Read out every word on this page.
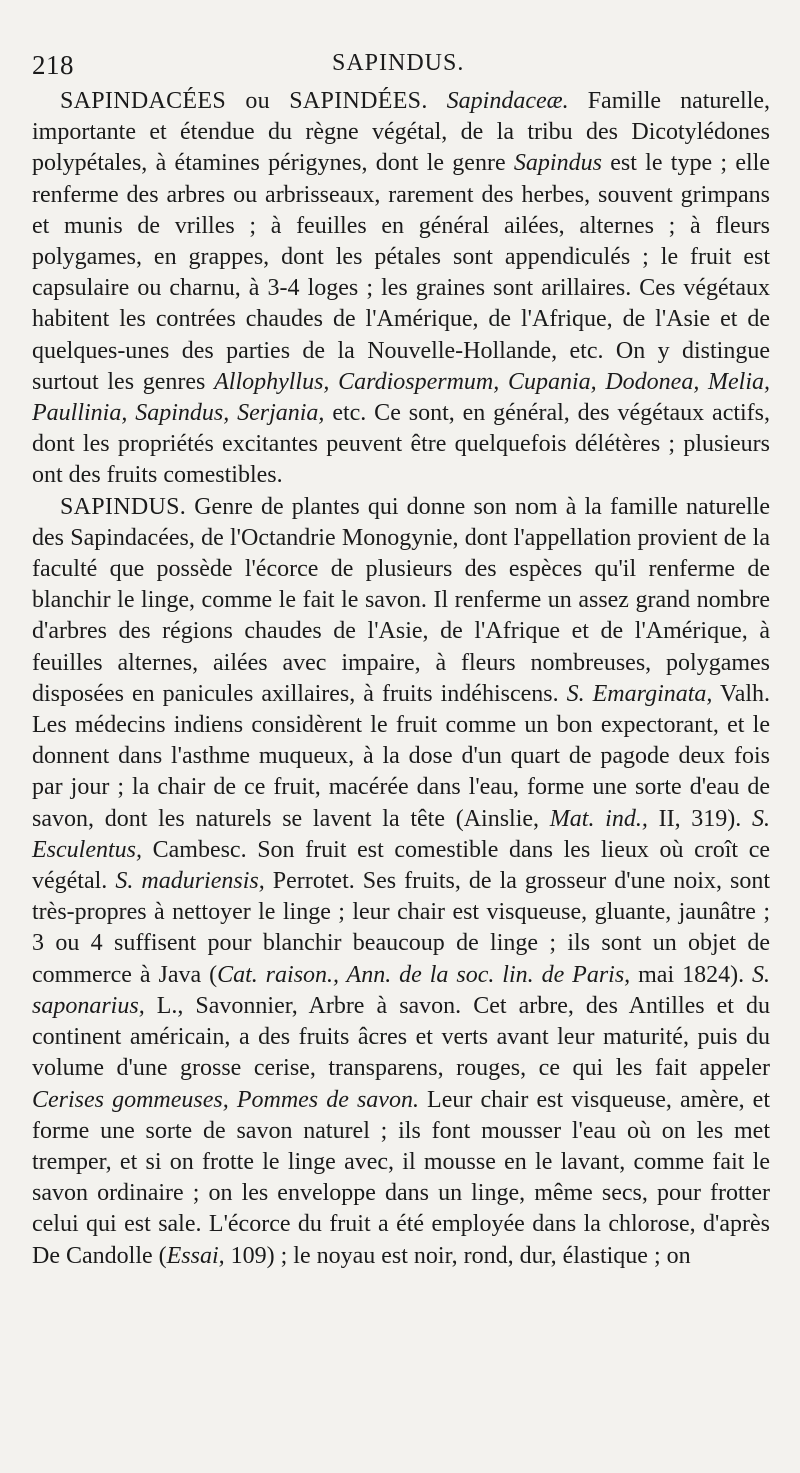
218	SAPINDUS.

SAPINDACÉES ou SAPINDÉES. Sapindaceæ. Famille naturelle, importante et étendue du règne végétal, de la tribu des Dicotylédones polypétales, à étamines périgynes, dont le genre Sapindus est le type ; elle renferme des arbres ou arbrisseaux, rarement des herbes, souvent grimpans et munis de vrilles ; à feuilles en général ailées, alternes ; à fleurs polygames, en grappes, dont les pétales sont appendiculés ; le fruit est capsulaire ou charnu, à 3-4 loges ; les graines sont arillaires. Ces végétaux habitent les contrées chaudes de l'Amérique, de l'Afrique, de l'Asie et de quelques-unes des parties de la Nouvelle-Hollande, etc. On y distingue surtout les genres Allophyllus, Cardiospermum, Cupania, Dodonea, Melia, Paullinia, Sapindus, Serjania, etc. Ce sont, en général, des végétaux actifs, dont les propriétés excitantes peuvent être quelquefois délétères ; plusieurs ont des fruits comestibles.

SAPINDUS. Genre de plantes qui donne son nom à la famille naturelle des Sapindacées, de l'Octandrie Monogynie, dont l'appellation provient de la faculté que possède l'écorce de plusieurs des espèces qu'il renferme de blanchir le linge, comme le fait le savon. Il renferme un assez grand nombre d'arbres des régions chaudes de l'Asie, de l'Afrique et de l'Amérique, à feuilles alternes, ailées avec impaire, à fleurs nombreuses, polygames disposées en panicules axillaires, à fruits indéhiscens. S. Emarginata, Valh. Les médecins indiens considèrent le fruit comme un bon expectorant, et le donnent dans l'asthme muqueux, à la dose d'un quart de pagode deux fois par jour ; la chair de ce fruit, macérée dans l'eau, forme une sorte d'eau de savon, dont les naturels se lavent la tête (Ainslie, Mat. ind., II, 319). S. Esculentus, Cambesc. Son fruit est comestible dans les lieux où croît ce végétal. S. maduriensis, Perrotet. Ses fruits, de la grosseur d'une noix, sont très-propres à nettoyer le linge ; leur chair est visqueuse, gluante, jaunâtre ; 3 ou 4 suffisent pour blanchir beaucoup de linge ; ils sont un objet de commerce à Java (Cat. raison., Ann. de la soc. lin. de Paris, mai 1824). S. saponarius, L., Savonnier, Arbre à savon. Cet arbre, des Antilles et du continent américain, a des fruits âcres et verts avant leur maturité, puis du volume d'une grosse cerise, transparens, rouges, ce qui les fait appeler Cerises gommeuses, Pommes de savon. Leur chair est visqueuse, amère, et forme une sorte de savon naturel ; ils font mousser l'eau où on les met tremper, et si on frotte le linge avec, il mousse en le lavant, comme fait le savon ordinaire ; on les enveloppe dans un linge, même secs, pour frotter celui qui est sale. L'écorce du fruit a été employée dans la chlorose, d'après De Candolle (Essai, 109) ; le noyau est noir, rond, dur, élastique ; on
